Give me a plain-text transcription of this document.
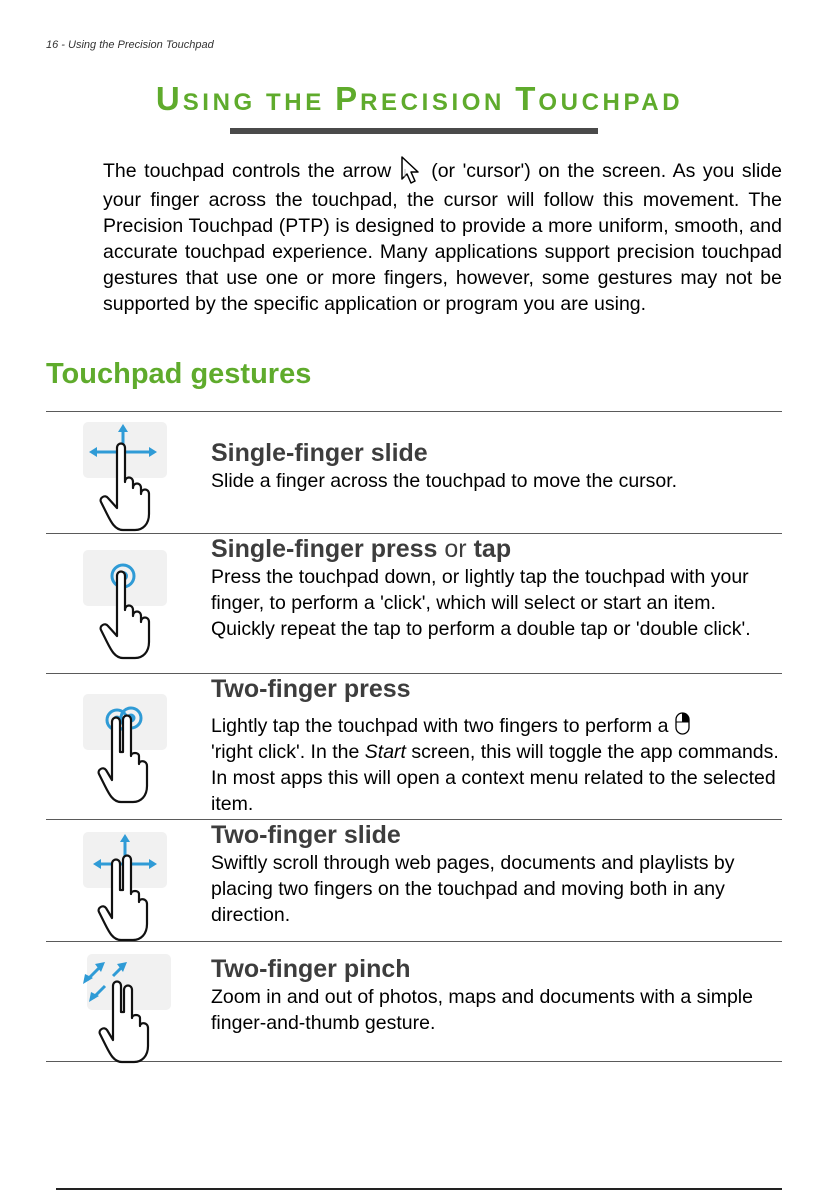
16 - Using the Precision Touchpad
USING THE PRECISION TOUCHPAD

The touchpad controls the arrow (or 'cursor') on the screen. As you slide your finger across the touchpad, the cursor will follow this movement. The Precision Touchpad (PTP) is designed to provide a more uniform, smooth, and accurate touchpad experience. Many applications support precision touchpad gestures that use one or more fingers, however, some gestures may not be supported by the specific application or program you are using.

Touchpad gestures

Single-finger slide

Slide a finger across the touchpad to move the cursor.

Single-finger press or tap

Press the touchpad down, or lightly tap the touchpad with your finger, to perform a 'click', which will select or start an item. Quickly repeat the tap to perform a double tap or 'double click'.

Two-finger press

Lightly tap the touchpad with two fingers to perform a
'right click'. In the Start screen, this will toggle the app commands. In most apps this will open a context menu related to the selected item.

Two-finger slide

Swiftly scroll through web pages, documents and playlists by placing two fingers on the touchpad and moving both in any direction.

Two-finger pinch

Zoom in and out of photos, maps and documents with a simple finger-and-thumb gesture.
